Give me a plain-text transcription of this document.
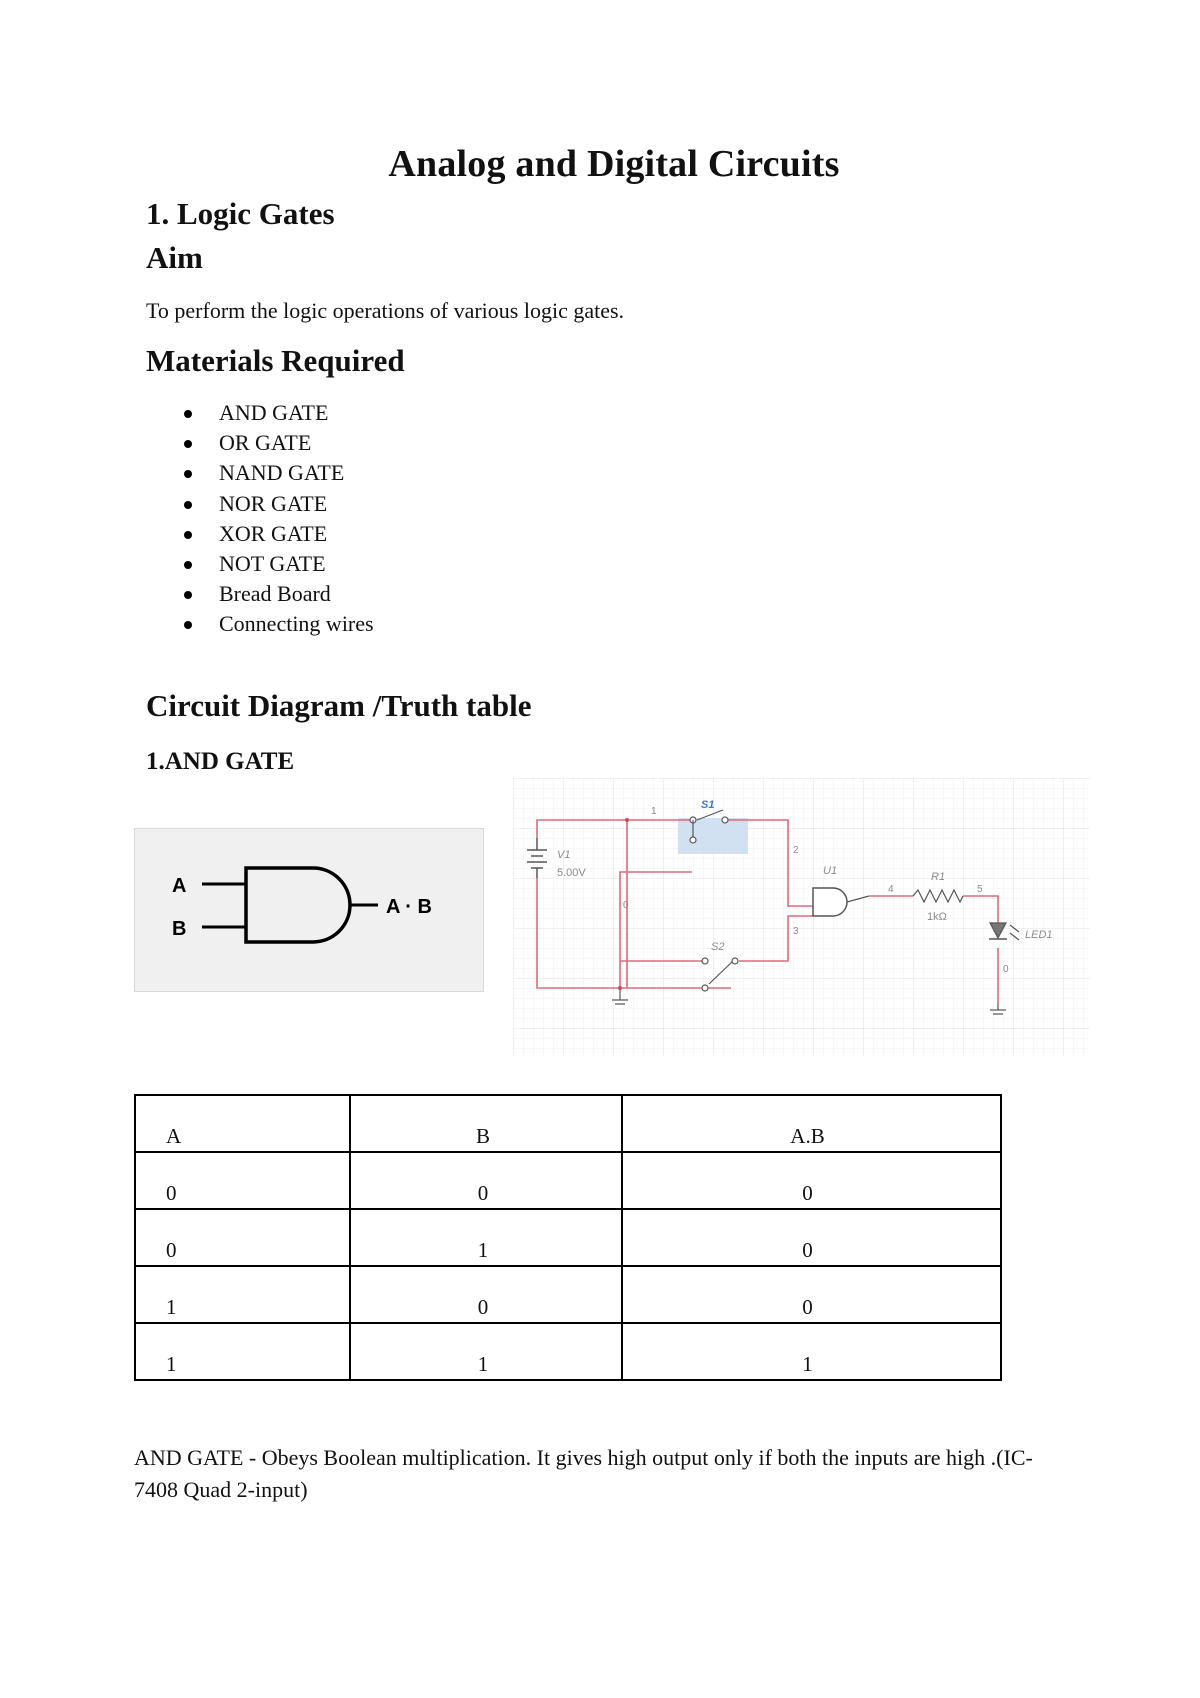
Analog and Digital Circuits
1. Logic Gates
Aim
To perform the logic operations of various logic gates.
Materials Required
AND GATE
OR GATE
NAND GATE
NOR GATE
XOR GATE
NOT GATE
Bread Board
Connecting wires
Circuit Diagram /Truth table
1.AND GATE
A
B
A · B
V1
5.00V
S1
S2
U1	R1
1kΩ
LED1
1
2
3
4	5
0
0
A	B	A.B
0	0	0
0	1	0
1	0	0
1	1	1
AND GATE - Obeys Boolean multiplication. It gives high output only if both the inputs are high .(IC-7408 Quad 2-input)
